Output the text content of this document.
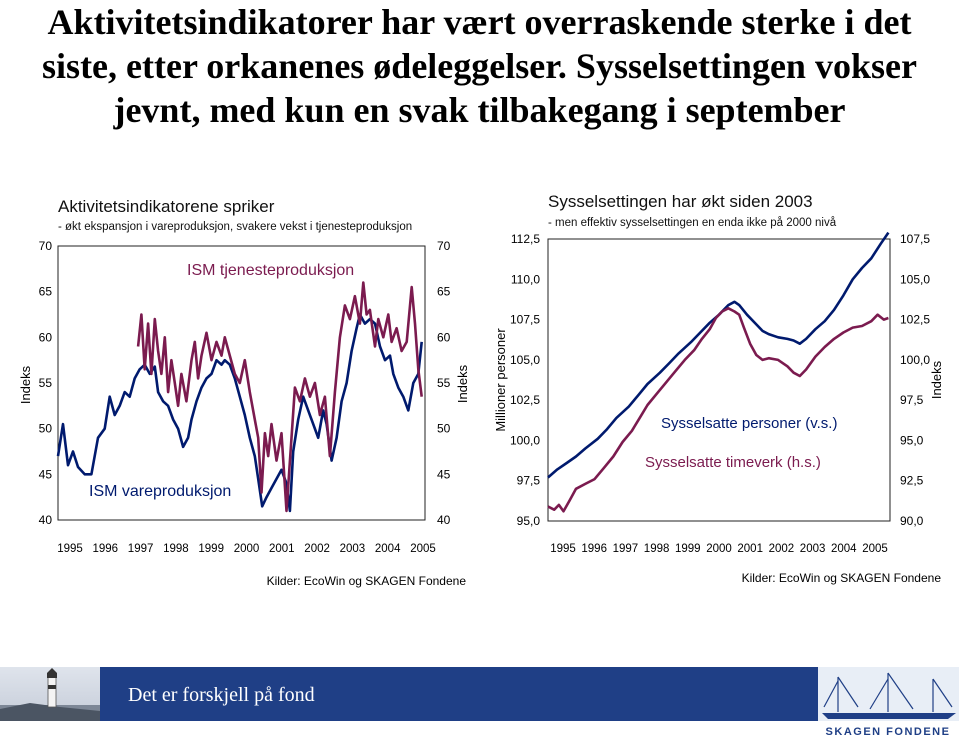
Aktivitetsindikatorer har vært overraskende sterke i det
siste, etter orkanenes ødeleggelser. Sysselsettingen vokser
jevnt, med kun en svak tilbakegang i september
Aktivitetsindikatorene spriker
- økt ekspansjon i vareproduksjon, svakere vekst i tjenesteproduksjon
40
45
50
55
60
65
70
40
45
50
55
60
65
70
1995 1996 1997 1998 1999 2000 2001 2002 2003 2004 2005
Indeks	Indeks
ISM tjenesteproduksjon
ISM vareproduksjon
Kilder: EcoWin og SKAGEN Fondene
Sysselsettingen har økt siden 2003
- men effektiv sysselsettingen en enda ikke på 2000 nivå
95,0
97,5
100,0
102,5
105,0
107,5
110,0
112,5
90,0
92,5
95,0
97,5
100,0
102,5
105,0
107,5
1995 1996 1997 1998 1999 2000 2001 2002 2003 2004 2005
Millioner personer	Indeks
Sysselsatte personer (v.s.)
Sysselsatte timeverk (h.s.)
Kilder: EcoWin og SKAGEN Fondene
Det er forskjell på fond
SKAGEN FONDENE
